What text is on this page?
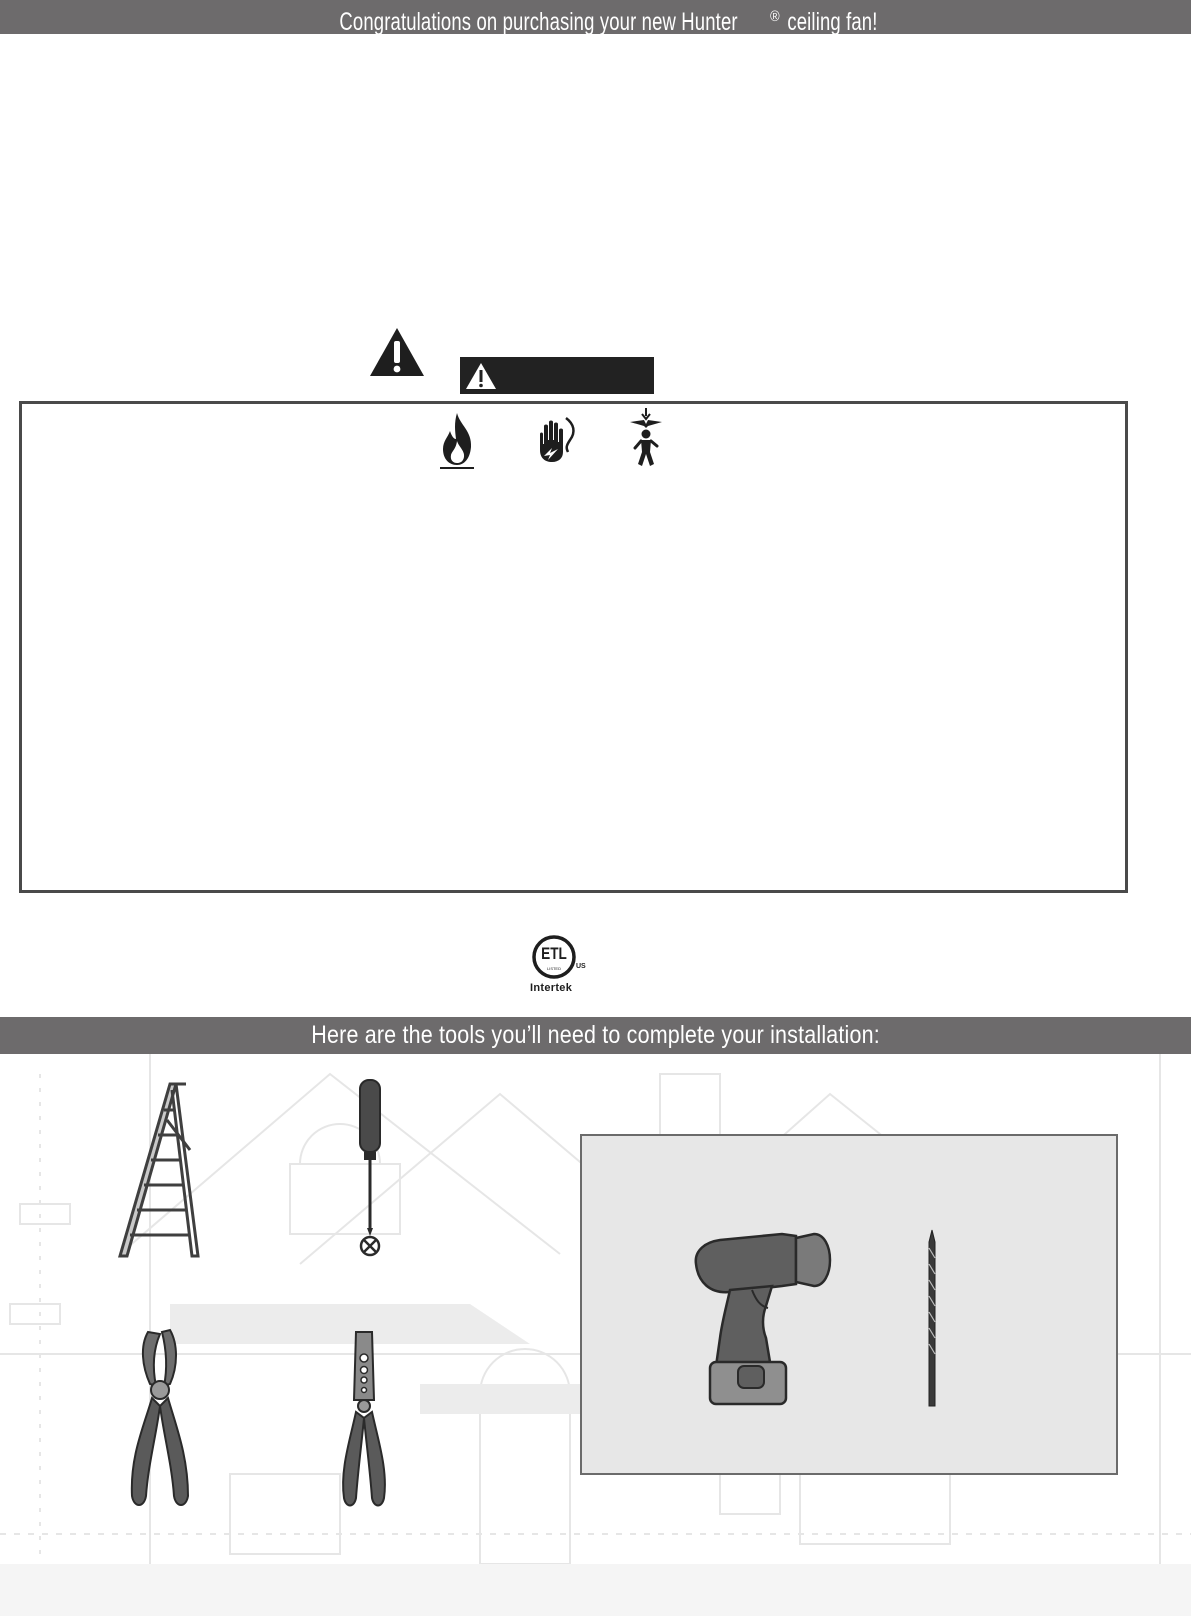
Congratulations on purchasing your new Hunter ®ceiling fan!
ETL
LISTED	US
Intertek
Here are the tools you’ll need to complete your installation:
